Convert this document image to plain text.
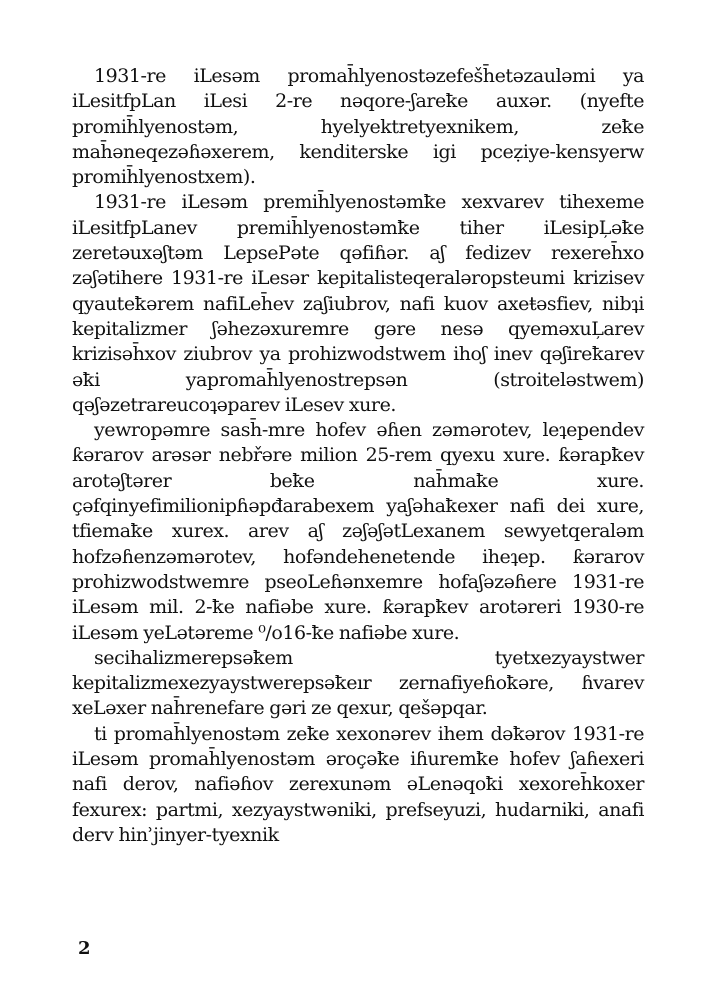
1931-re iLesəm promah̄lyenostəzefešh̄etəzauləmi ya iLesitfpLan iLesi 2-re nəqore-ʃareꝁe auxər. (nyefte promih̄lyenostəm, hyelyektretyexnikem, zeꝁe mah̄əneqezəɦəxerem, kenditerske igi pceẓiye-kensyerw promih̄lyenostxem).

1931-re iLesəm premih̄lyenostəmꝁe xexvarev tihexeme iLesitfpLanev premih̄lyenostəmꝁe tiher iLesipĻəꝁe zeretəuxəʃtəm LepsePəte qəfiɦər. aʃ fedizev rexereh̄xo zəʃətihere 1931-re iLesər kepitalisteqeraləropsteumi krizisev qyauteꝁərem nafiLeh̄ev zaʃiubrov, nafi kuov axeŧəsfiev, nibʇi kepitalizmer ʃəhezəxuremre gəre nesə qyeməxuĻarev krizisəh̄xov ziubrov ya prohizwodstwem ihoʃ inev qəʃireꝁarev əꝁi yapromah̄lyenostrepsən (stroiteləstwem) qəʃəzetrareucoʇəparev iLesev xure.

yewropəmre sash̄-mre hofev əɦen zəmərotev, leʇependev ƙərarov arəsər nebřəre milion 25-rem qyexu xure. ƙərapꝁev arotəʃtərer beꝁe nah̄maꝁe xure. çəfqinyefimilionipɦəpđarabexem yaʃəhaꝁexer nafi dei xure, tfiemaꝁe xurex. arev aʃ zəʃəʃətLexanem sewyetqeraləm hofzəɦenzəmərotev, hofəndehenetende iheʇep. ƙərarov prohizwodstwemre pseoLeɦənxemre hofaʃəzəɦere 1931-re iLesəm mil. 2-ꝁe nafiəbe xure. ƙərapꝁev arotəreri 1930-re iLesəm yeLətəreme ⁰/o16-ꝁe nafiəbe xure.

secihalizmerepsəꝁem tyetxezyaystwer kepitalizmexezyaystwerepsəꝁeır zernafiyeɦoꝁəre, ɦvarev xeLəxer nah̄renefare gəri ze qexur, qešəpqar.

ti promah̄lyenostəm zeꝁe xexonərev ihem dəꝁərov 1931-re iLesəm promah̄lyenostəm əroçəꝁe iɦuremꝁe hofev ʃaɦexeri nafi derov, nafiəɦov zerexunəm əLenəqoꝁi xexoreh̄koxer fexurex: partmi, xezyaystwəniki, prefseyuzi, hudarniki, anafi derv hinʾjinyer-tyexnik

2
